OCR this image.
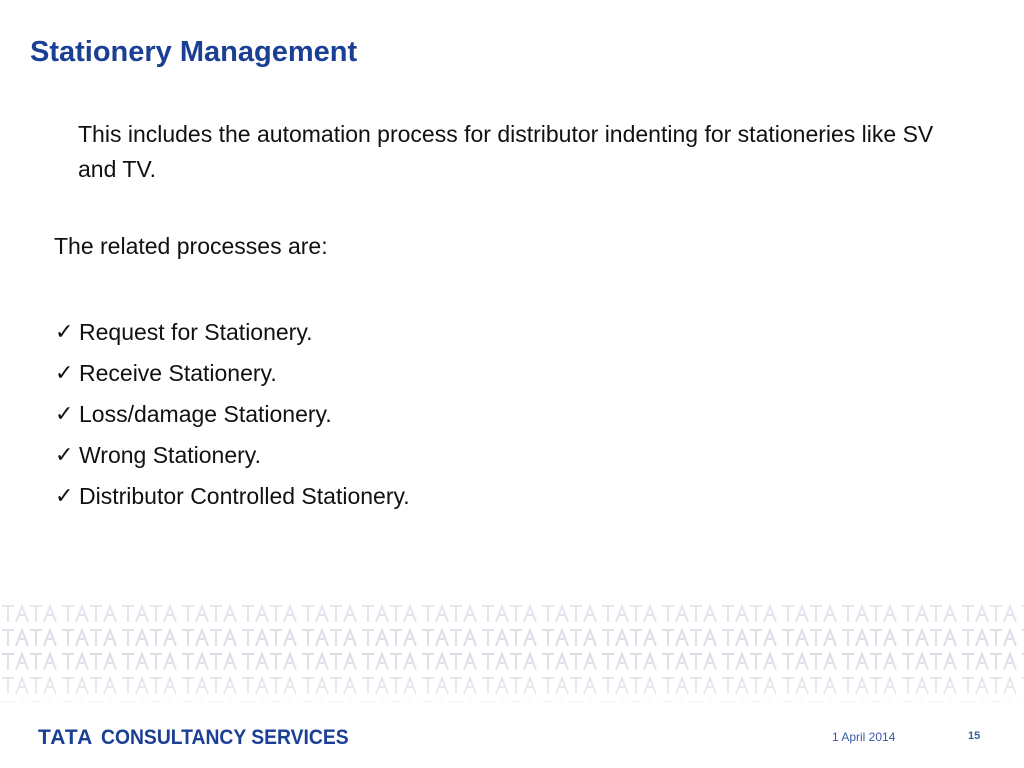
Stationery Management

This includes the automation process for distributor indenting for stationeries like SV and TV.

The related processes are:

✓ Request for Stationery.
✓ Receive Stationery.
✓ Loss/damage Stationery.
✓ Wrong Stationery.
✓ Distributor Controlled Stationery.
TATA CONSULTANCY SERVICES	1 April 2014	15
